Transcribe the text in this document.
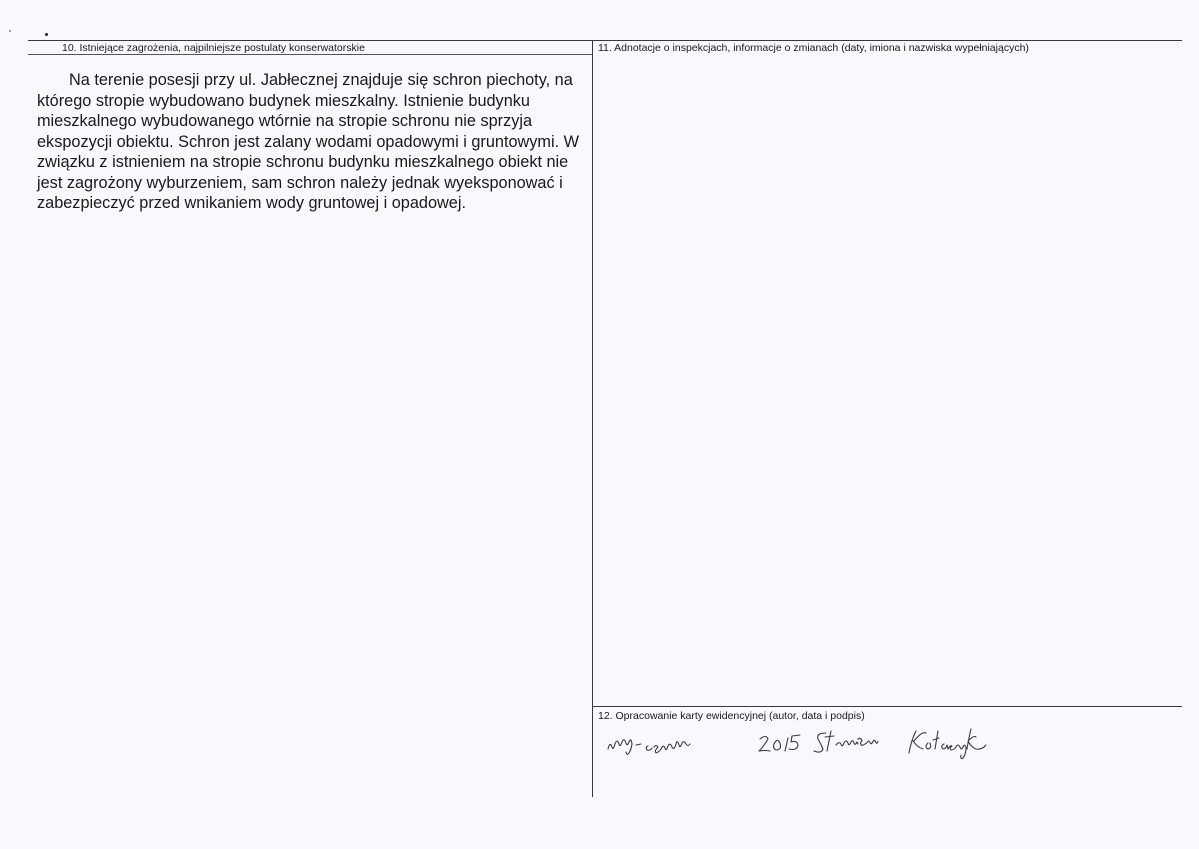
10. Istniejące zagrożenia, najpilniejsze postulaty konserwatorskie

Na terenie posesji przy ul. Jabłecznej znajduje się schron piechoty, na którego stropie wybudowano budynek mieszkalny. Istnienie budynku mieszkalnego wybudowanego wtórnie na stropie schronu nie sprzyja ekspozycji obiektu. Schron jest zalany wodami opadowymi i gruntowymi. W związku z istnieniem na stropie schronu budynku mieszkalnego obiekt nie jest zagrożony wyburzeniem, sam schron należy jednak wyeksponować i zabezpieczyć przed wnikaniem wody gruntowej i opadowej.

11. Adnotacje o inspekcjach, informacje o zmianach (daty, imiona i nazwiska wypełniających)
12. Opracowanie karty ewidencyjnej (autor, data i podpis)
